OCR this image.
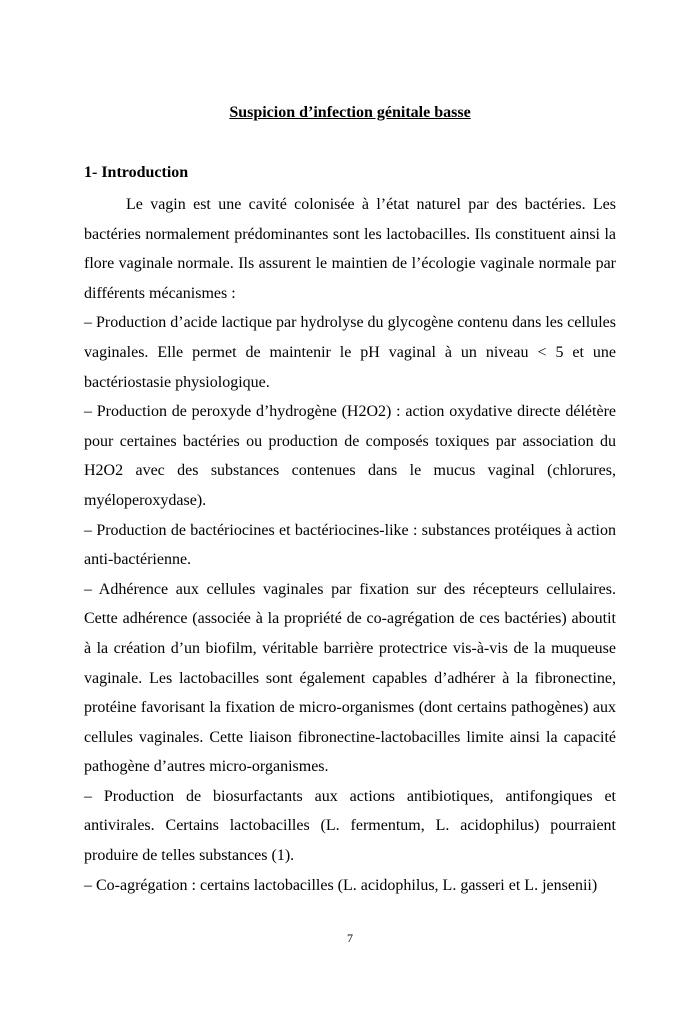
Suspicion d’infection génitale basse
1- Introduction

Le vagin est une cavité colonisée à l’état naturel par des bactéries. Les bactéries normalement prédominantes sont les lactobacilles. Ils constituent ainsi la flore vaginale normale. Ils assurent le maintien de l’écologie vaginale normale par différents mécanismes :

– Production d’acide lactique par hydrolyse du glycogène contenu dans les cellules vaginales. Elle permet de maintenir le pH vaginal à un niveau < 5 et une bactériostasie physiologique.

– Production de peroxyde d’hydrogène (H2O2) : action oxydative directe délétère pour certaines bactéries ou production de composés toxiques par association du H2O2 avec des substances contenues dans le mucus vaginal (chlorures, myéloperoxydase).

– Production de bactériocines et bactériocines-like : substances protéiques à action anti-bactérienne.

– Adhérence aux cellules vaginales par fixation sur des récepteurs cellulaires. Cette adhérence (associée à la propriété de co-agrégation de ces bactéries) aboutit à la création d’un biofilm, véritable barrière protectrice vis-à-vis de la muqueuse vaginale. Les lactobacilles sont également capables d’adhérer à la fibronectine, protéine favorisant la fixation de micro-organismes (dont certains pathogènes) aux cellules vaginales. Cette liaison fibronectine-lactobacilles limite ainsi la capacité pathogène d’autres micro-organismes.

– Production de biosurfactants aux actions antibiotiques, antifongiques et antivirales. Certains lactobacilles (L. fermentum, L. acidophilus) pourraient produire de telles substances (1).

– Co-agrégation : certains lactobacilles (L. acidophilus, L. gasseri et L. jensenii)

7
